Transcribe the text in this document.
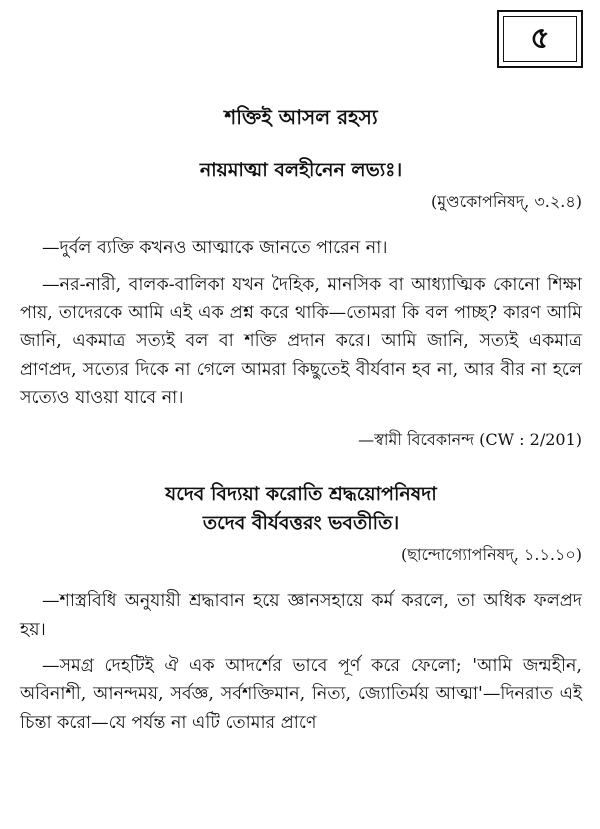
৫
শক্তিই আসল রহস্য

নায়মাত্মা বলহীনেন লভ্যঃ।

(মুণ্ডকোপনিষদ্‌, ৩.২.৪)

—দুর্বল ব্যক্তি কখনও আত্মাকে জানতে পারেন না।

—নর-নারী, বালক-বালিকা যখন দৈহিক, মানসিক বা আধ্যাত্মিক কোনো শিক্ষা পায়, তাদেরকে আমি এই এক প্রশ্ন করে থাকি—তোমরা কি বল পাচ্ছ? কারণ আমি জানি, একমাত্র সত্যই বল বা শক্তি প্রদান করে। আমি জানি, সত্যই একমাত্র প্রাণপ্রদ, সত্যের দিকে না গেলে আমরা কিছুতেই বীর্যবান হব না, আর বীর না হলে সত্যেও যাওয়া যাবে না।

—স্বামী বিবেকানন্দ (CW : 2/201)

যদেব বিদ্যয়া করোতি শ্রদ্ধয়োপনিষদা

তদেব বীর্যবত্তরং ভবতীতি।

(ছান্দোগ্যোপনিষদ্‌, ১.১.১০)

—শাস্ত্রবিধি অনুযায়ী শ্রদ্ধাবান হয়ে জ্ঞানসহায়ে কর্ম করলে, তা অধিক ফলপ্রদ হয়।

—সমগ্র দেহটিই ঐ এক আদর্শের ভাবে পূর্ণ করে ফেলো; 'আমি জন্মহীন, অবিনাশী, আনন্দময়, সর্বজ্ঞ, সর্বশক্তিমান, নিত্য, জ্যোতির্ময় আত্মা'—দিনরাত এই চিন্তা করো—যে পর্যন্ত না এটি তোমার প্রাণে
